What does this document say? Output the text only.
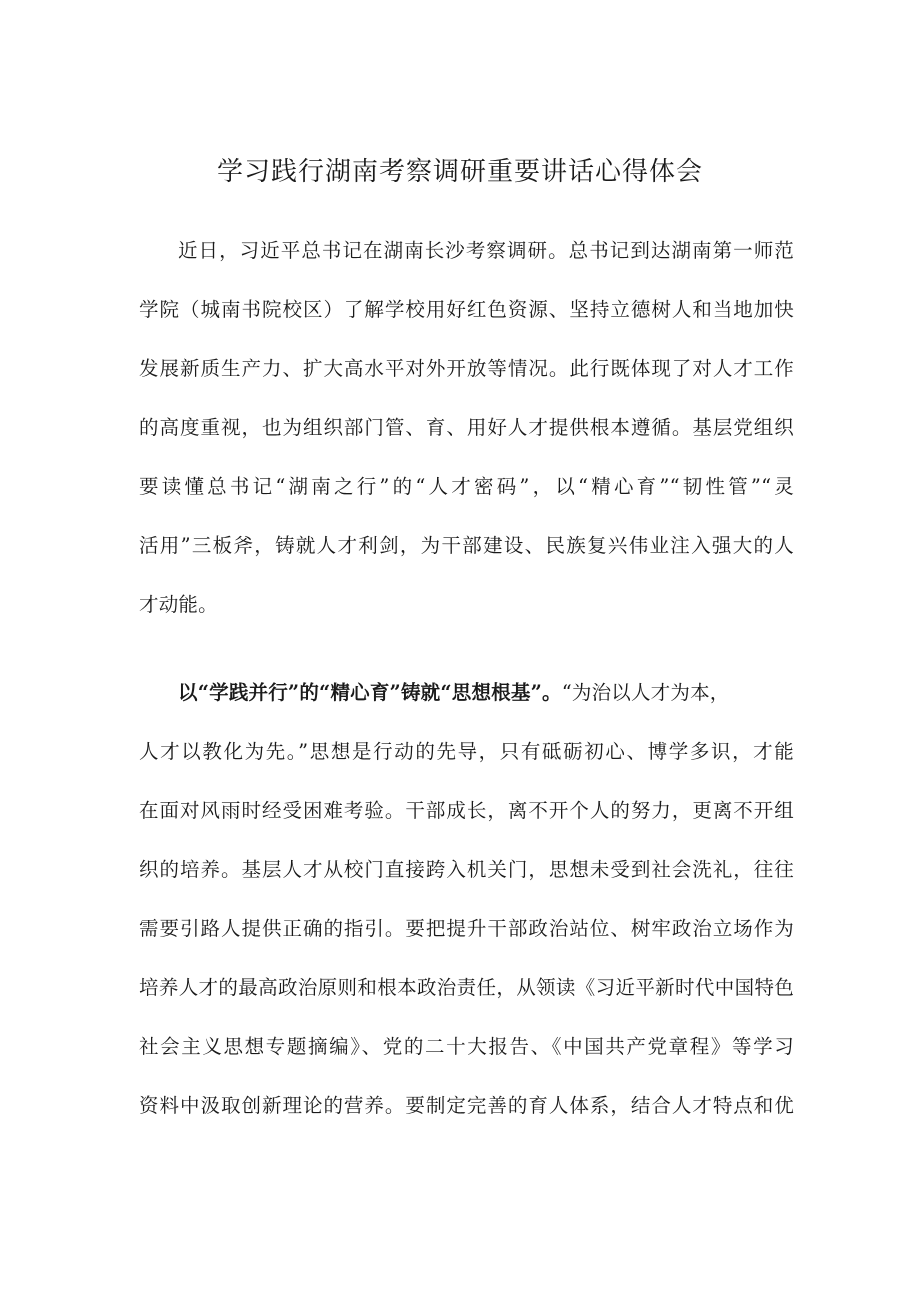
学习践行湖南考察调研重要讲话心得体会
近日，习近平总书记在湖南长沙考察调研。总书记到达湖南第一师范
学院（城南书院校区）了解学校用好红色资源、坚持立德树人和当地加快
发展新质生产力、扩大高水平对外开放等情况。此行既体现了对人才工作
的高度重视，也为组织部门管、育、用好人才提供根本遵循。基层党组织
要读懂总书记“湖南之行”的“人才密码”，以“精心育”“韧性管”“灵
活用”三板斧，铸就人才利剑，为干部建设、民族复兴伟业注入强大的人
才动能。
以“学践并行”的“精心育”铸就“思想根基”。“为治以人才为本，
人才以教化为先。”思想是行动的先导，只有砥砺初心、博学多识，才能
在面对风雨时经受困难考验。干部成长，离不开个人的努力，更离不开组
织的培养。基层人才从校门直接跨入机关门，思想未受到社会洗礼，往往
需要引路人提供正确的指引。要把提升干部政治站位、树牢政治立场作为
培养人才的最高政治原则和根本政治责任，从领读《习近平新时代中国特色
社会主义思想专题摘编》、党的二十大报告、《中国共产党章程》等学习
资料中汲取创新理论的营养。要制定完善的育人体系，结合人才特点和优
